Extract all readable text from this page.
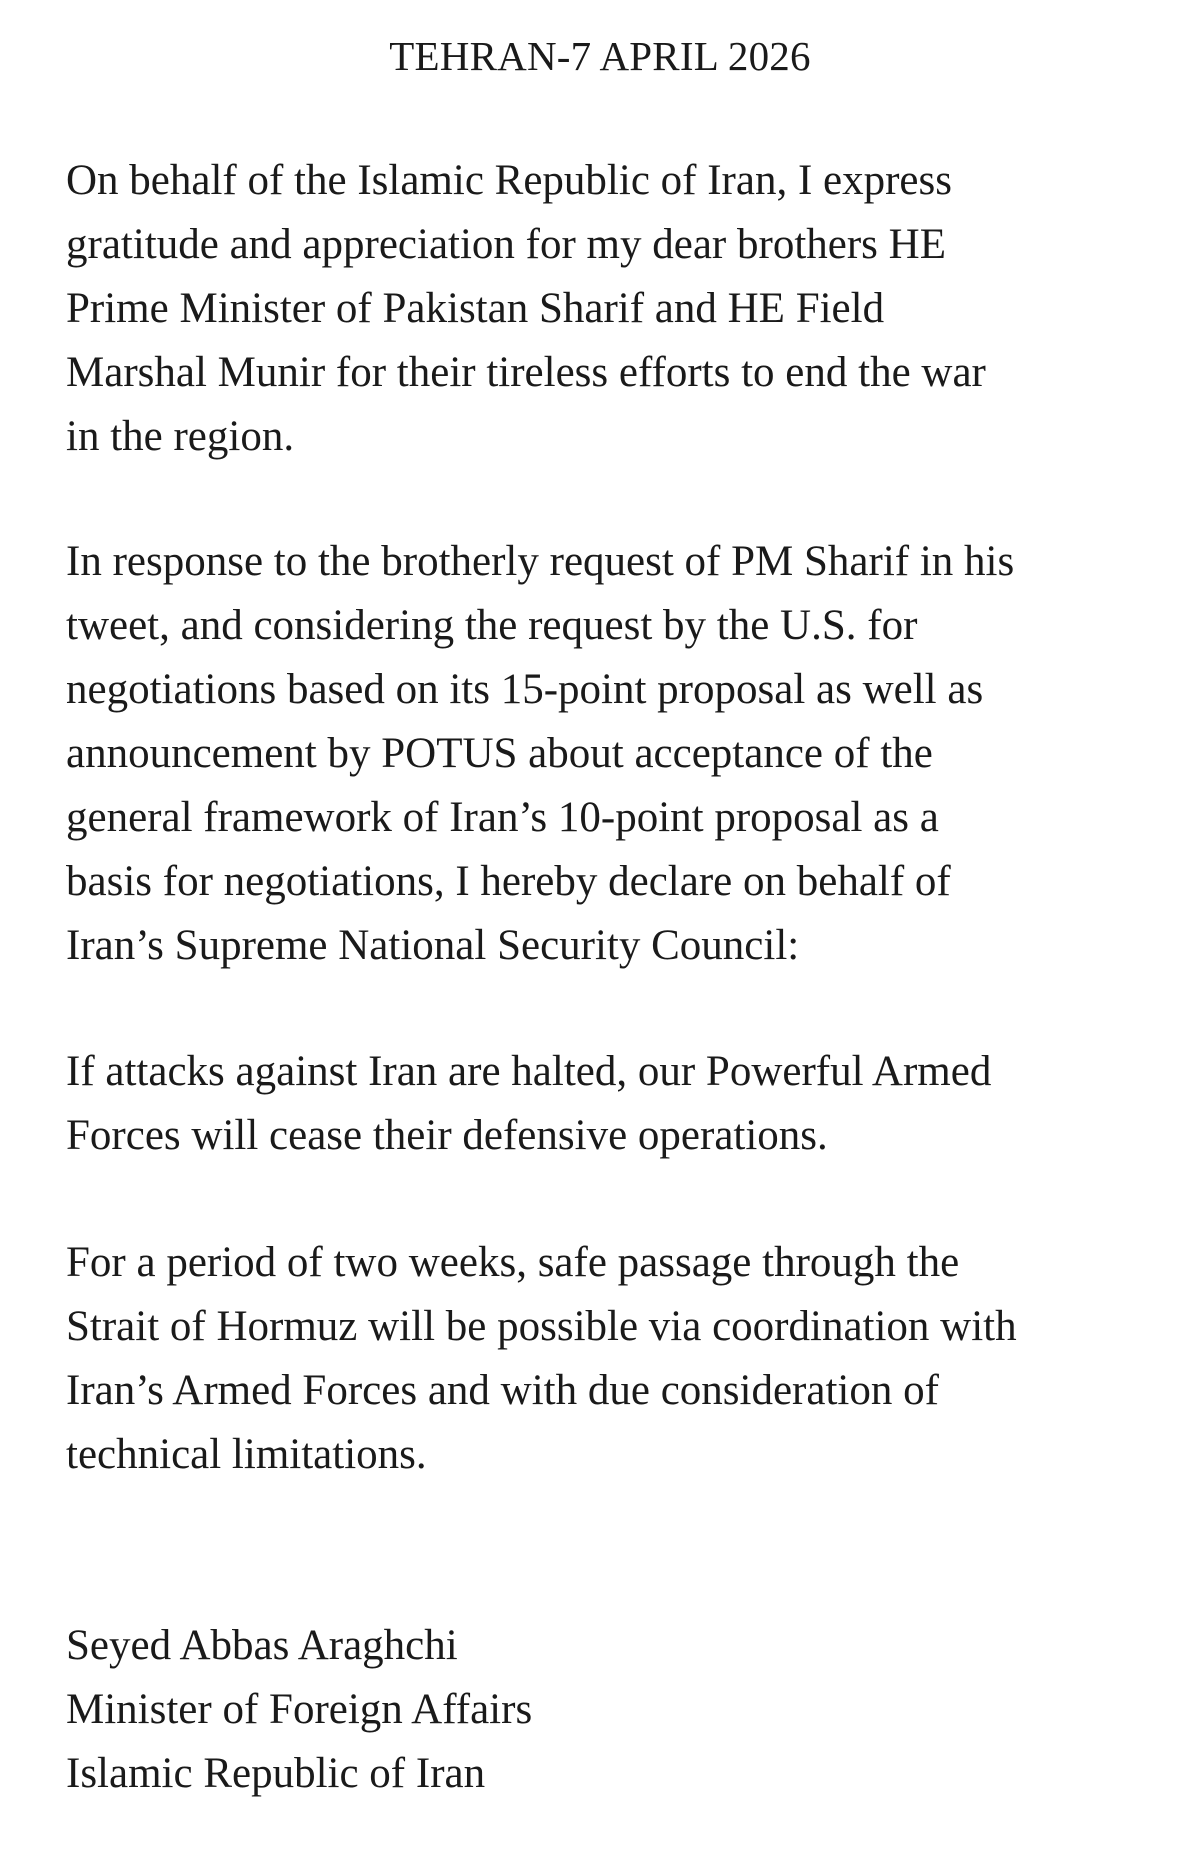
TEHRAN-7 APRIL 2026

On behalf of the Islamic Republic of Iran, I express
gratitude and appreciation for my dear brothers HE
Prime Minister of Pakistan Sharif and HE Field
Marshal Munir for their tireless efforts to end the war
in the region.

In response to the brotherly request of PM Sharif in his
tweet, and considering the request by the U.S. for
negotiations based on its 15-point proposal as well as
announcement by POTUS about acceptance of the
general framework of Iran’s 10-point proposal as a
basis for negotiations, I hereby declare on behalf of
Iran’s Supreme National Security Council:

If attacks against Iran are halted, our Powerful Armed
Forces will cease their defensive operations.

For a period of two weeks, safe passage through the
Strait of Hormuz will be possible via coordination with
Iran’s Armed Forces and with due consideration of
technical limitations.

Seyed Abbas Araghchi
Minister of Foreign Affairs
Islamic Republic of Iran
